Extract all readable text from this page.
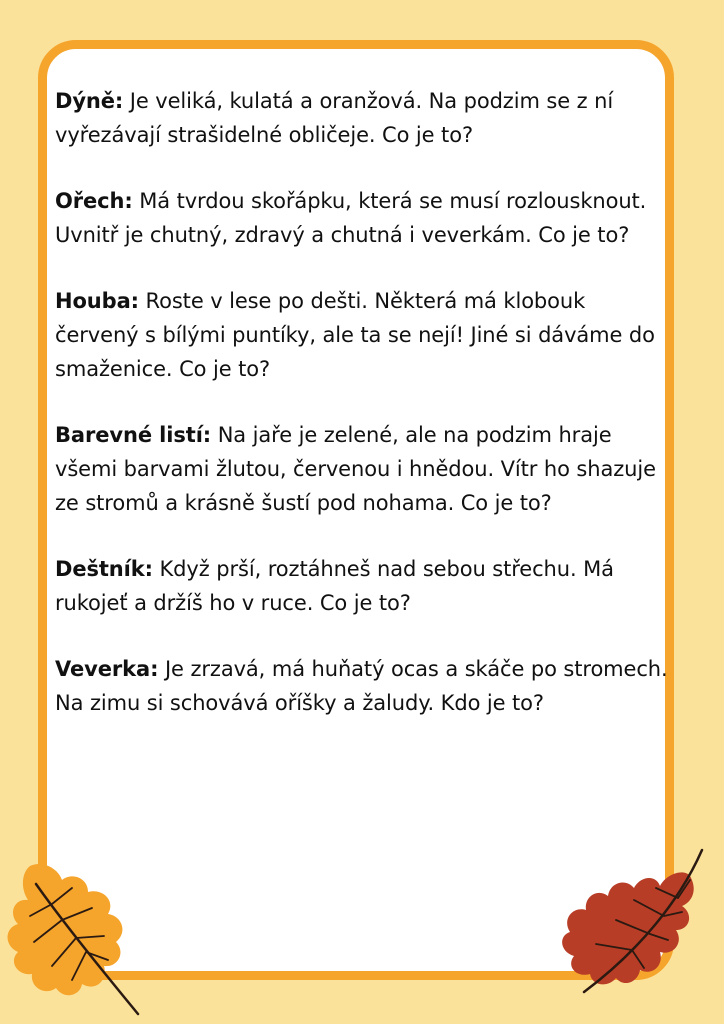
Dýně: Je veliká, kulatá a oranžová. Na podzim se z ní vyřezávají strašidelné obličeje. Co je to?
Ořech: Má tvrdou skořápku, která se musí rozlousknout. Uvnitř je chutný, zdravý a chutná i veverkám. Co je to?
Houba: Roste v lese po dešti. Některá má klobouk červený s bílými puntíky, ale ta se nejí! Jiné si dáváme do smaženice. Co je to?
Barevné listí: Na jaře je zelené, ale na podzim hraje všemi barvami žlutou, červenou i hnědou. Vítr ho shazuje ze stromů a krásně šustí pod nohama. Co je to?
Deštník: Když prší, roztáhneš nad sebou střechu. Má rukojeť a držíš ho v ruce. Co je to?
Veverka: Je zrzavá, má huňatý ocas a skáče po stromech. Na zimu si schovává oříšky a žaludy. Kdo je to?
